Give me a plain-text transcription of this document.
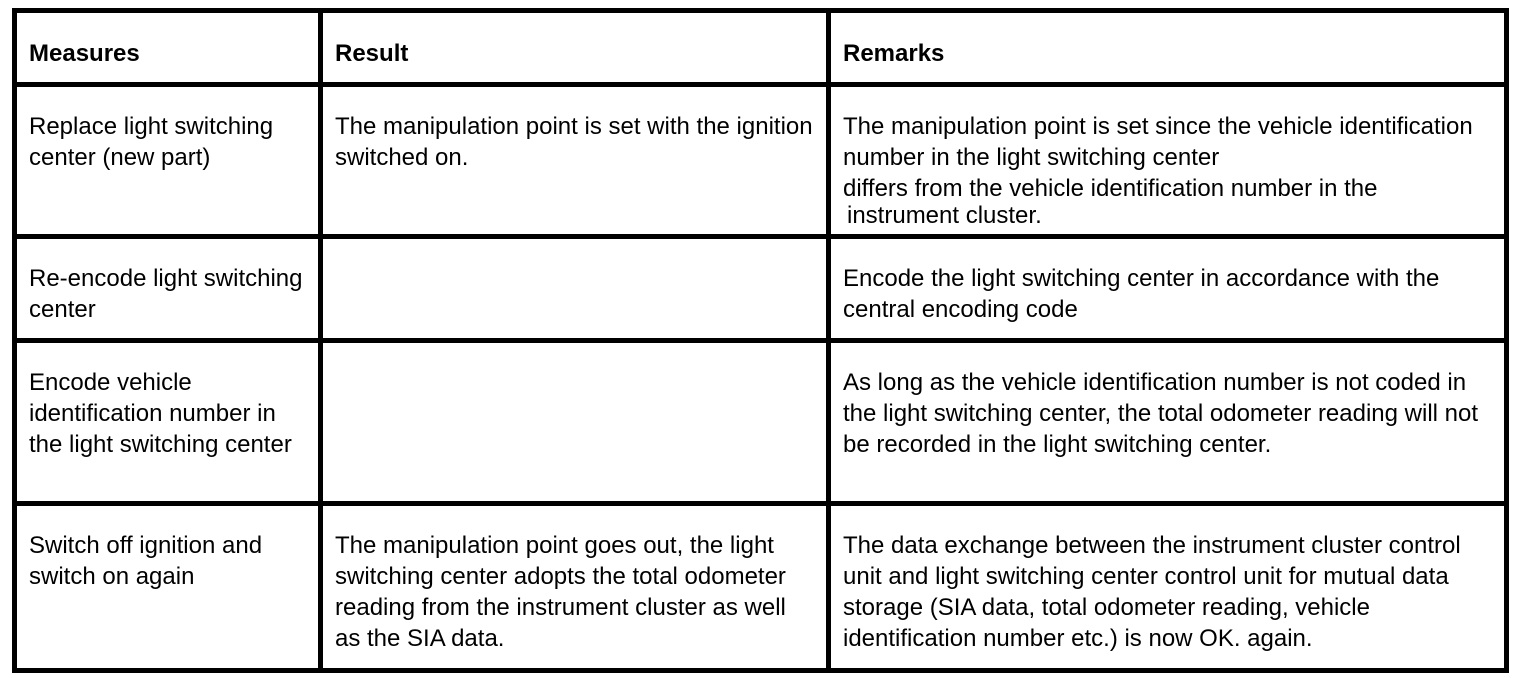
Measures	Result	Remarks
Replace light switching center (new part)	The manipulation point is set with the ignition switched on.	The manipulation point is set since the vehicle identification number in the light switching center
differs from the vehicle identification number in the
instrument cluster.

Re-encode light switching center		Encode the light switching center in accordance with the central encoding code
Encode vehicle identification number in the light switching center		As long as the vehicle identification number is not coded in the light switching center, the total odometer reading will not be recorded in the light switching center.
Switch off ignition and switch on again	The manipulation point goes out, the light switching center adopts the total odometer reading from the instrument cluster as well as the SIA data.	The data exchange between the instrument cluster control unit and light switching center control unit for mutual data storage (SIA data, total odometer reading, vehicle identification number etc.) is now OK. again.
